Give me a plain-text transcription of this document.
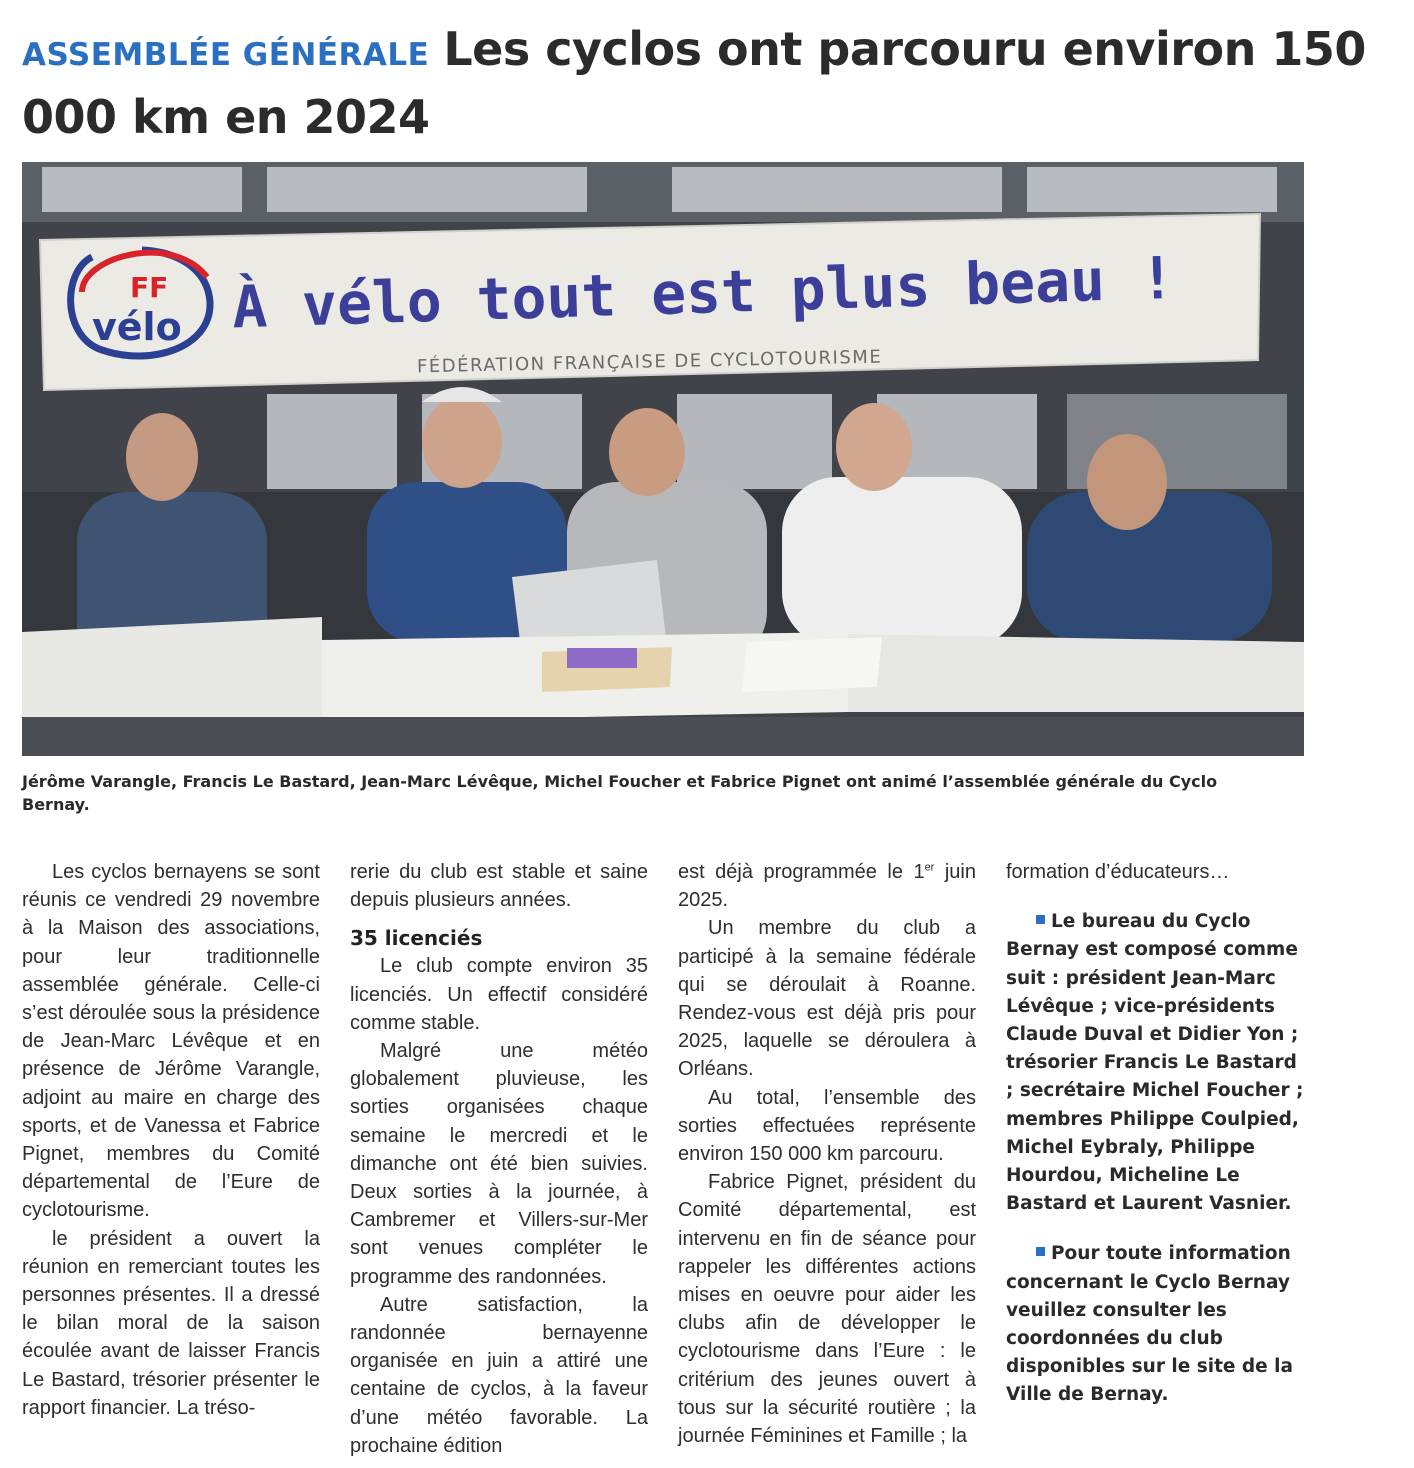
ASSEMBLÉE GÉNÉRALE Les cyclos ont parcouru environ 150 000 km en 2024
FF
vélo À vélo tout est plus beau !
FÉDÉRATION FRANÇAISE DE CYCLOTOURISME
Jérôme Varangle, Francis Le Bastard, Jean-Marc Lévêque, Michel Foucher et Fabrice Pignet ont animé l’assemblée générale du Cyclo Bernay.

Les cyclos bernayens se sont réunis ce vendredi 29 novembre à la Maison des associations, pour leur traditionnelle assemblée générale. Celle-ci s’est déroulée sous la présidence de Jean-Marc Lévêque et en présence de Jérôme Varangle, adjoint au maire en charge des sports, et de Vanessa et Fabrice Pignet, membres du Comité départemental de l’Eure de cyclotourisme.

le président a ouvert la réunion en remerciant toutes les personnes présentes. Il a dressé le bilan moral de la saison écoulée avant de laisser Francis Le Bastard, trésorier présenter le rapport financier. La tréso-

rerie du club est stable et saine depuis plusieurs années.

35 licenciés

Le club compte environ 35 licenciés. Un effectif considéré comme stable.

Malgré une météo globalement pluvieuse, les sorties organisées chaque semaine le mercredi et le dimanche ont été bien suivies. Deux sorties à la journée, à Cambremer et Villers-sur-Mer sont venues compléter le programme des randonnées.

Autre satisfaction, la randonnée bernayenne organisée en juin a attiré une centaine de cyclos, à la faveur d’une météo favorable. La prochaine édition

est déjà programmée le 1er juin 2025.

Un membre du club a participé à la semaine fédérale qui se déroulait à Roanne. Rendez-vous est déjà pris pour 2025, laquelle se déroulera à Orléans.

Au total, l’ensemble des sorties effectuées représente environ 150 000 km parcouru.

Fabrice Pignet, président du Comité départemental, est intervenu en fin de séance pour rappeler les différentes actions mises en oeuvre pour aider les clubs afin de développer le cyclotourisme dans l’Eure : le critérium des jeunes ouvert à tous sur la sécurité routière ; la journée Féminines et Famille ; la

formation d’éducateurs…

Le bureau du Cyclo Bernay est composé comme suit : président Jean-Marc Lévêque ; vice-présidents Claude Duval et Didier Yon ; trésorier Francis Le Bastard ; secrétaire Michel Foucher ; membres Philippe Coulpied, Michel Eybraly, Philippe Hourdou, Micheline Le Bastard et Laurent Vasnier.

Pour toute information concernant le Cyclo Bernay veuillez consulter les coordonnées du club disponibles sur le site de la Ville de Bernay.
